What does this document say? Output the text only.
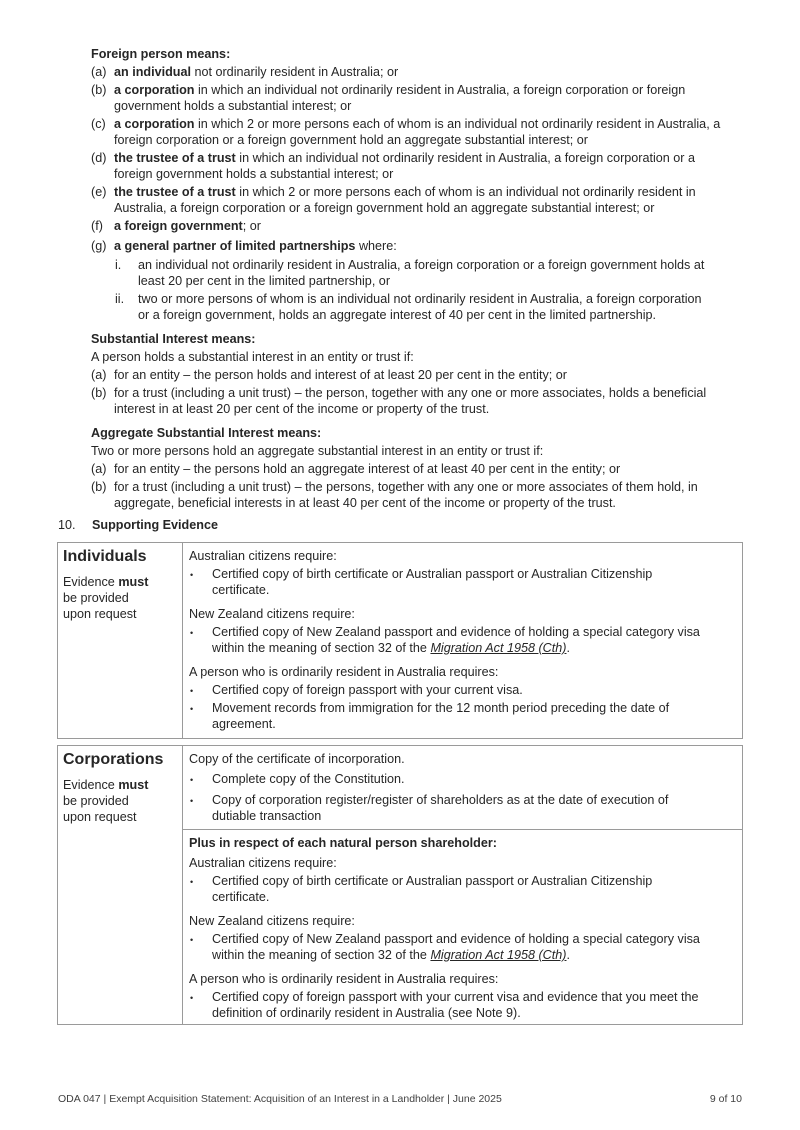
Foreign person means:
(a) an individual not ordinarily resident in Australia; or
(b) a corporation in which an individual not ordinarily resident in Australia, a foreign corporation or foreign
government holds a substantial interest; or
(c) a corporation in which 2 or more persons each of whom is an individual not ordinarily resident in Australia, a
foreign corporation or a foreign government hold an aggregate substantial interest; or
(d) the trustee of a trust in which an individual not ordinarily resident in Australia, a foreign corporation or a
foreign government holds a substantial interest; or
(e) the trustee of a trust in which 2 or more persons each of whom is an individual not ordinarily resident in
Australia, a foreign corporation or a foreign government hold an aggregate substantial interest; or
(f) a foreign government; or
(g) a general partner of limited partnerships where:
i. an individual not ordinarily resident in Australia, a foreign corporation or a foreign government holds at
least 20 per cent in the limited partnership, or
ii. two or more persons of whom is an individual not ordinarily resident in Australia, a foreign corporation
or a foreign government, holds an aggregate interest of 40 per cent in the limited partnership.
Substantial Interest means:
A person holds a substantial interest in an entity or trust if:
(a) for an entity – the person holds and interest of at least 20 per cent in the entity; or
(b) for a trust (including a unit trust) – the person, together with any one or more associates, holds a beneficial
interest in at least 20 per cent of the income or property of the trust.
Aggregate Substantial Interest means:
Two or more persons hold an aggregate substantial interest in an entity or trust if:
(a) for an entity – the persons hold an aggregate interest of at least 40 per cent in the entity; or
(b) for a trust (including a unit trust) – the persons, together with any one or more associates of them hold, in
aggregate, beneficial interests in at least 40 per cent of the income or property of the trust.
10. Supporting Evidence
Individuals
Evidence must
be provided
upon request
Australian citizens require:
• Certified copy of birth certificate or Australian passport or Australian Citizenship
certificate.
New Zealand citizens require:
• Certified copy of New Zealand passport and evidence of holding a special category visa
within the meaning of section 32 of the Migration Act 1958 (Cth).
A person who is ordinarily resident in Australia requires:
• Certified copy of foreign passport with your current visa.
• Movement records from immigration for the 12 month period preceding the date of
agreement.
Corporations
Evidence must
be provided
upon request
Copy of the certificate of incorporation.
• Complete copy of the Constitution.
• Copy of corporation register/register of shareholders as at the date of execution of
dutiable transaction
Plus in respect of each natural person shareholder:
Australian citizens require:
• Certified copy of birth certificate or Australian passport or Australian Citizenship
certificate.
New Zealand citizens require:
• Certified copy of New Zealand passport and evidence of holding a special category visa
within the meaning of section 32 of the Migration Act 1958 (Cth).
A person who is ordinarily resident in Australia requires:
• Certified copy of foreign passport with your current visa and evidence that you meet the
definition of ordinarily resident in Australia (see Note 9).
ODA 047 | Exempt Acquisition Statement: Acquisition of an Interest in a Landholder | June 2025	9 of 10
